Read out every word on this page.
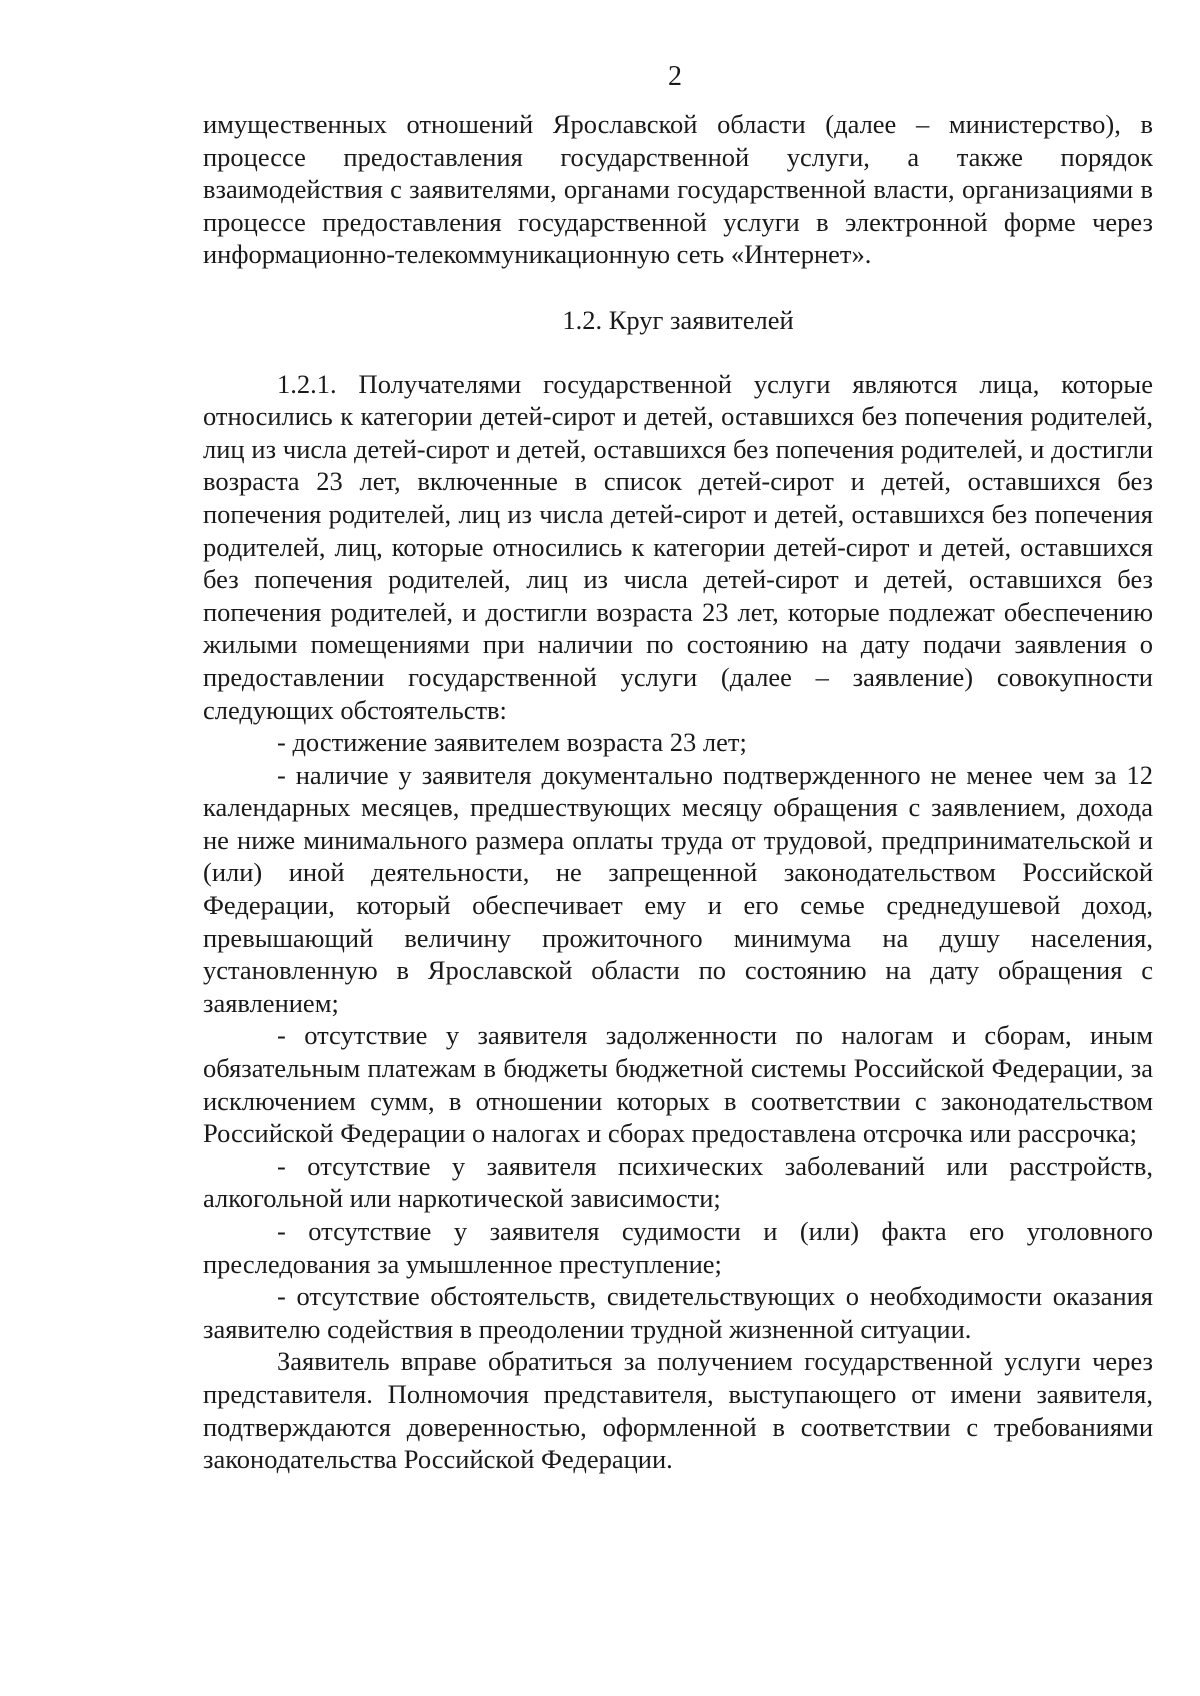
2

имущественных отношений Ярославской области (далее – министерство), в процессе предоставления государственной услуги, а также порядок взаимодействия с заявителями, органами государственной власти, организациями в процессе предоставления государственной услуги в электронной форме через информационно-телекоммуникационную сеть «Интернет».

1.2. Круг заявителей

1.2.1. Получателями государственной услуги являются лица, которые относились к категории детей-сирот и детей, оставшихся без попечения родителей, лиц из числа детей-сирот и детей, оставшихся без попечения родителей, и достигли возраста 23 лет, включенные в список детей-сирот и детей, оставшихся без попечения родителей, лиц из числа детей-сирот и детей, оставшихся без попечения родителей, лиц, которые относились к категории детей-сирот и детей, оставшихся без попечения родителей, лиц из числа детей-сирот и детей, оставшихся без попечения родителей, и достигли возраста 23 лет, которые подлежат обеспечению жилыми помещениями при наличии по состоянию на дату подачи заявления о предоставлении государственной услуги (далее – заявление) совокупности следующих обстоятельств:

- достижение заявителем возраста 23 лет;

- наличие у заявителя документально подтвержденного не менее чем за 12 календарных месяцев, предшествующих месяцу обращения с заявлением, дохода не ниже минимального размера оплаты труда от трудовой, предпринимательской и (или) иной деятельности, не запрещенной законодательством Российской Федерации, который обеспечивает ему и его семье среднедушевой доход, превышающий величину прожиточного минимума на душу населения, установленную в Ярославской области по состоянию на дату обращения с заявлением;

- отсутствие у заявителя задолженности по налогам и сборам, иным обязательным платежам в бюджеты бюджетной системы Российской Федерации, за исключением сумм, в отношении которых в соответствии с законодательством Российской Федерации о налогах и сборах предоставлена отсрочка или рассрочка;

- отсутствие у заявителя психических заболеваний или расстройств, алкогольной или наркотической зависимости;

- отсутствие у заявителя судимости и (или) факта его уголовного преследования за умышленное преступление;

- отсутствие обстоятельств, свидетельствующих о необходимости оказания заявителю содействия в преодолении трудной жизненной ситуации.

Заявитель вправе обратиться за получением государственной услуги через представителя. Полномочия представителя, выступающего от имени заявителя, подтверждаются доверенностью, оформленной в соответствии с требованиями законодательства Российской Федерации.
